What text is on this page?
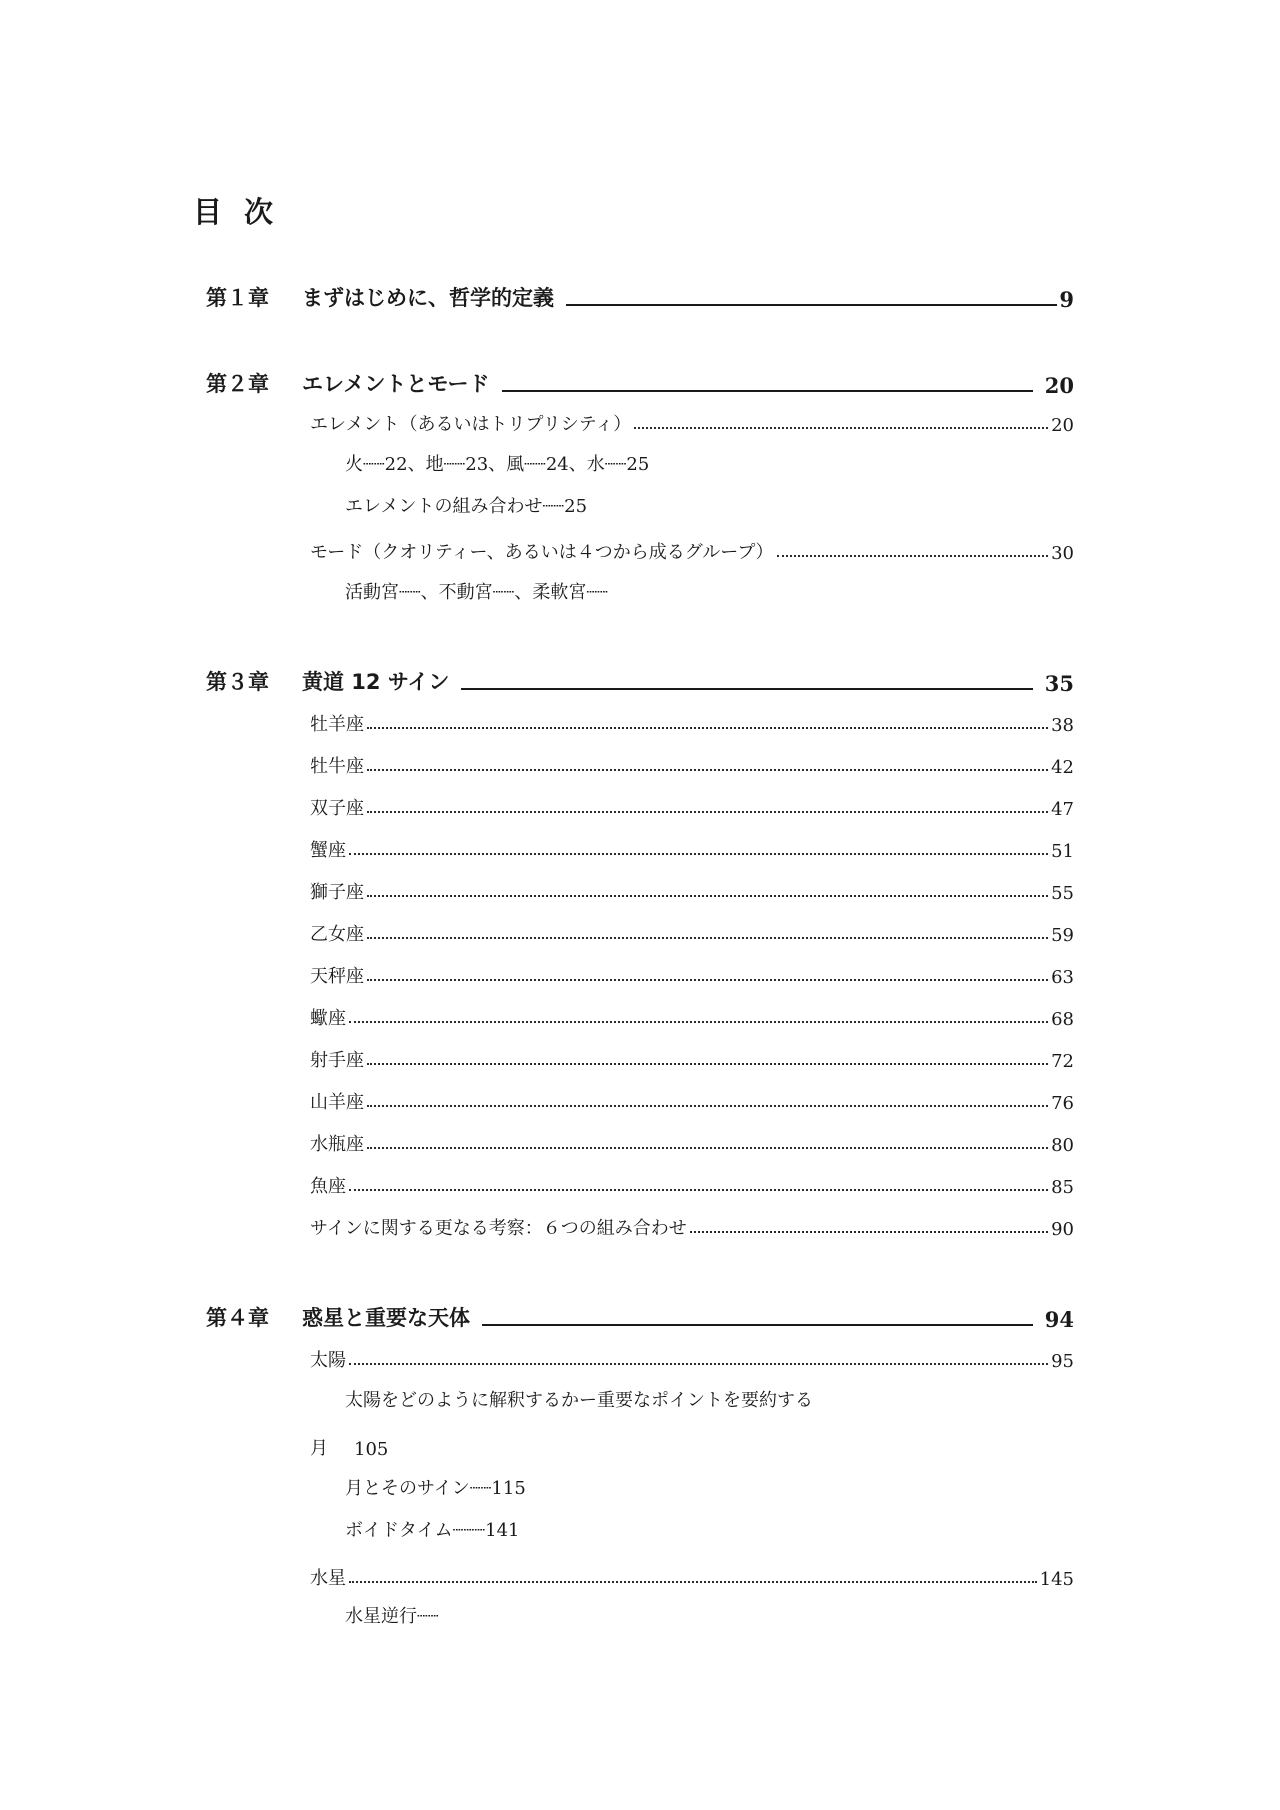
目次
第１章	まずはじめに、哲学的定義	9
第２章	エレメントとモード	20
エレメント（あるいはトリプリシティ）	20
火┈┈22、地┈┈23、風┈┈24、水┈┈25
エレメントの組み合わせ┈┈25
モード（クオリティー、あるいは４つから成るグループ）	30
活動宮┈┈、不動宮┈┈、柔軟宮┈┈
第３章	黄道 12 サイン	35
牡羊座	38
牡牛座	42
双子座	47
蟹座	51
獅子座	55
乙女座	59
天秤座	63
蠍座	68
射手座	72
山羊座	76
水瓶座	80
魚座	85
サインに関する更なる考察：６つの組み合わせ	90
第４章	惑星と重要な天体	94
太陽	95
太陽をどのように解釈するかー重要なポイントを要約する
月 105
月とそのサイン┈┈115
ボイドタイム┈┈┈141
水星	145
水星逆行┈┈
